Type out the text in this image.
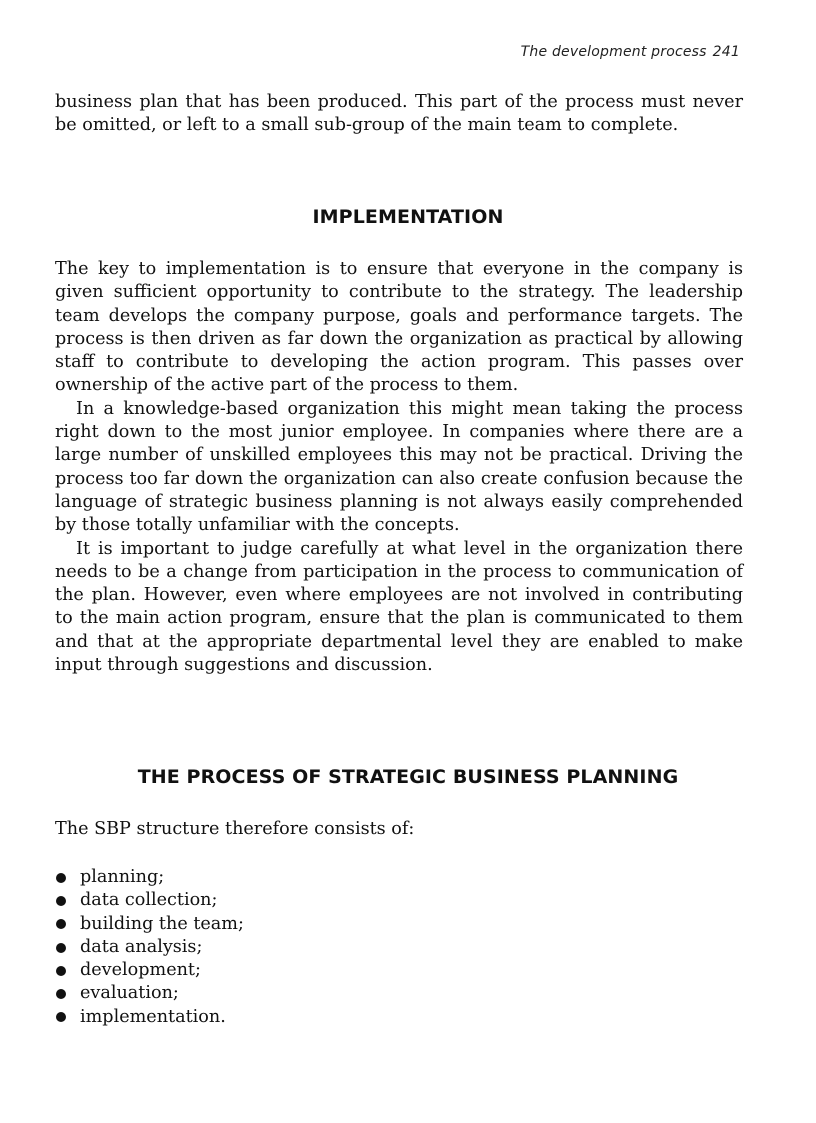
The development process 241

business plan that has been produced. This part of the process must never be omitted, or left to a small sub-group of the main team to complete.

IMPLEMENTATION

The key to implementation is to ensure that everyone in the company is given sufficient opportunity to contribute to the strategy. The leadership team develops the company purpose, goals and performance targets. The process is then driven as far down the organization as practical by allowing staff to contribute to developing the action program. This passes over ownership of the active part of the process to them.

In a knowledge-based organization this might mean taking the process right down to the most junior employee. In companies where there are a large number of unskilled employees this may not be practical. Driving the process too far down the organization can also create confusion because the language of strategic business planning is not always easily comprehended by those totally unfamiliar with the concepts.

It is important to judge carefully at what level in the organization there needs to be a change from participation in the process to communication of the plan. However, even where employees are not involved in contributing to the main action program, ensure that the plan is communicated to them and that at the appropriate departmental level they are enabled to make input through suggestions and discussion.

THE PROCESS OF STRATEGIC BUSINESS PLANNING
The SBP structure therefore consists of:
planning;
data collection;
building the team;
data analysis;
development;
evaluation;
implementation.
